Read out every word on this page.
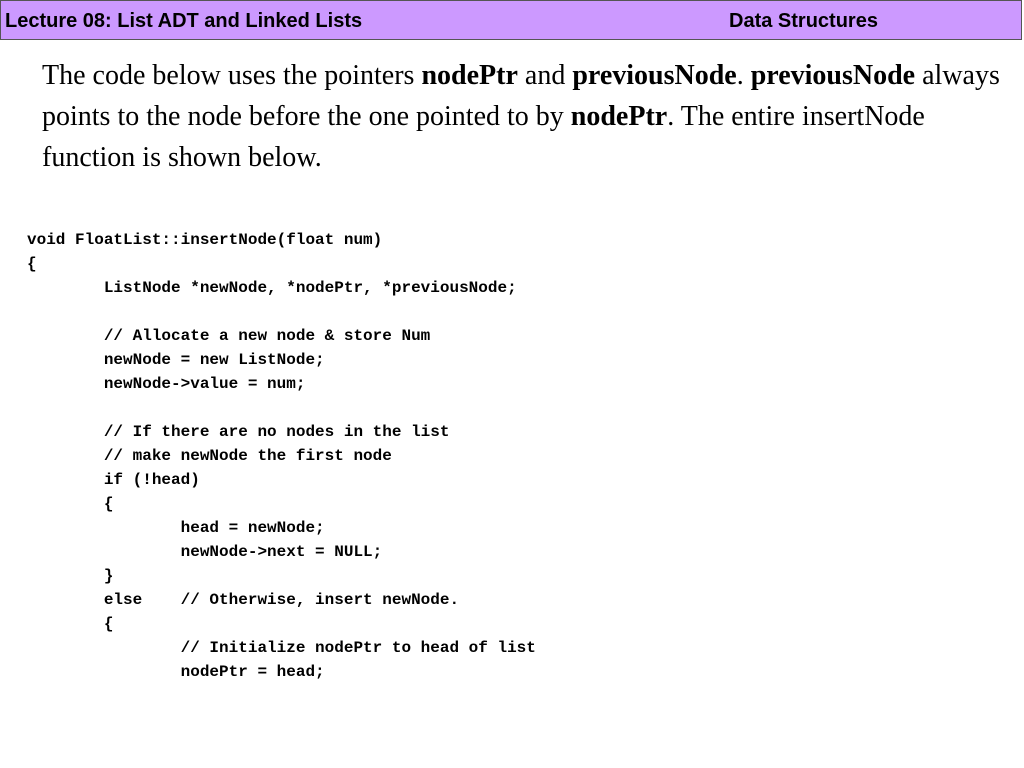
Lecture 08: List ADT and Linked Lists	Data Structures
The code below uses the pointers nodePtr and previousNode. previousNode always points to the node before the one pointed to by nodePtr. The entire insertNode function is shown below.
void FloatList::insertNode(float num)
{
	ListNode *newNode, *nodePtr, *previousNode;
	// Allocate a new node & store Num
	newNode = new ListNode;
	newNode->value = num;
	// If there are no nodes in the list
	// make newNode the first node
	if (!head)
	{
		head = newNode;
		newNode->next = NULL;
	}
	else	// Otherwise, insert newNode.
	{
		// Initialize nodePtr to head of list
		nodePtr = head;
